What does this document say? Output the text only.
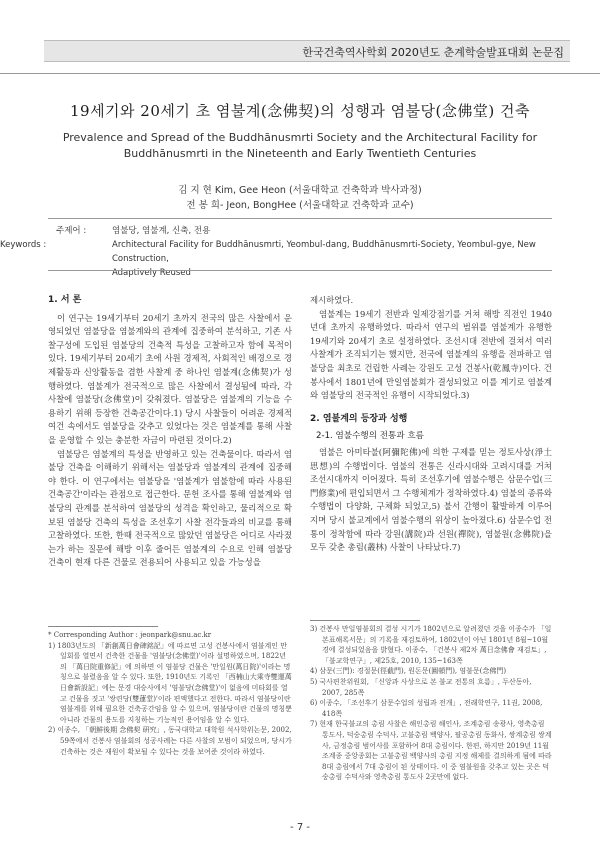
한국건축역사학회 2020년도 춘계학술발표대회 논문집
19세기와 20세기 초 염불계(念佛契)의 성행과 염불당(念佛堂) 건축
Prevalence and Spread of the Buddhānusmrti Society and the Architectural Facility for
Buddhānusmrti in the Nineteenth and Early Twentieth Centuries
김 지 현 Kim, Gee Heon (서울대학교 건축학과 박사과정)
전 봉 희- Jeon, BongHee (서울대학교 건축학과 교수)
주제어 :	염불당, 염불계, 신축, 전용
Keywords :	Architectural Facility for Buddhānusmrti, Yeombul-dang, Buddhānusmrti-Society, Yeombul-gye, New Construction,
Adaptively Reused
1. 서 론

이 연구는 19세기부터 20세기 초까지 전국의 많은 사찰에서 운영되었던 염불당을 염불계와의 관계에 집중하여 분석하고, 기존 사찰구성에 도입된 염불당의 건축적 특성을 고찰하고자 함에 목적이 있다. 19세기부터 20세기 초에 사원 경제적, 사회적인 배경으로 경제활동과 신앙활동을 겸한 사찰계 중 하나인 염불계(念佛契)가 성행하였다. 염불계가 전국적으로 많은 사찰에서 결성됨에 따라, 각 사찰에 염불당(念佛堂)이 갖춰졌다. 염불당은 염불계의 기능을 수용하기 위해 등장한 건축공간이다.1) 당시 사찰들이 어려운 경제적 여건 속에서도 염불당을 갖추고 있었다는 것은 염불계를 통해 사찰을 운영할 수 있는 충분한 자금이 마련된 것이다.2)

염불당은 염불계의 특성을 반영하고 있는 건축물이다. 따라서 염불당 건축을 이해하기 위해서는 염불당과 염불계의 관계에 집중해야 한다. 이 연구에서는 염불당을 '염불계가 염불함에 따라 사용된 건축공간'이라는 관점으로 접근한다. 문헌 조사를 통해 염불계와 염불당의 관계를 분석하여 염불당의 성격을 확인하고, 물리적으로 확보된 염불당 건축의 특성을 조선후기 사찰 전각들과의 비교를 통해 고찰하였다. 또한, 한때 전국적으로 많았던 염불당은 어디로 사라졌는가 하는 질문에 해방 이후 줄어든 염불계의 수요로 인해 염불당 건축이 현재 다른 건물로 전용되어 사용되고 있을 가능성을

* Corresponding Author : jeonpark@snu.ac.kr
1) 1803년도의 「新創萬日會碑銘記」에 따르면 고성 건봉사에서 염불계인 만일회를 열면서 건축한 건물을 '염불당(念佛堂)'이라 설명하였으며, 1822년의 「萬日院重修記」에 의하면 이 염불당 건물은 '만일원(萬日院)'이라는 명칭으로 불렸음을 알 수 있다. 또한, 1910년도 기록인 「西楠山大乘寺雙運萬日會新設記」에는 문경 대승사에서 '염불당(念佛堂)'이 없음에 미타회를 열고 건물을 짓고 '쌍련당(雙蓮堂)'이라 편액했다고 전한다. 따라서 염불당이란 염불계를 위해 필요한 건축공간임을 알 수 있으며, 염불당이란 건물의 명칭뿐 아니라 건물의 용도를 지칭하는 기능적인 용어임을 알 수 있다.
2) 이종수, 「朝鮮後期 念佛契 硏究」, 동국대학교 대학원 석사학위논문, 2002, 59쪽에서 건봉사 염불회의 성공사례는 다른 사찰의 모범이 되었으며, 당시가 건축하는 것은 재원이 확보될 수 있다는 것을 보여준 것이라 하였다.

제시하였다.

염불계는 19세기 전반과 일제강점기를 거쳐 해방 직전인 1940년대 초까지 유행하였다. 따라서 연구의 범위를 염불계가 유행한 19세기와 20세기 초로 설정하였다. 조선시대 전반에 걸쳐서 여러 사찰계가 조직되기는 했지만, 전국에 염불계의 유행을 전파하고 염불당을 최초로 건립한 사례는 강원도 고성 건봉사(乾鳳寺)이다. 건봉사에서 1801년에 만일염불회가 결성되었고 이를 계기로 염불계와 염불당의 전국적인 유행이 시작되었다.3)

2. 염불계의 등장과 성행
2-1. 염불수행의 전통과 흐름

염불은 아미타불(阿彌陀佛)에 의한 구제를 믿는 정토사상(淨土思想)의 수행법이다. 염불의 전통은 신라시대와 고려시대를 거쳐 조선시대까지 이어졌다. 특히 조선후기에 염불수행은 삼문수업(三門修業)에 편입되면서 그 수행체계가 정착하였다.4) 염불의 종류와 수행법이 다양화, 구체화 되었고,5) 불서 간행이 활발하게 이루어지며 당시 불교계에서 염불수행의 위상이 높아졌다.6) 삼문수업 전통이 정착함에 따라 강원(講院)과 선원(禪院), 염불원(念佛院)을 모두 갖춘 총림(叢林) 사찰이 나타났다.7)

3) 건봉사 만일염불회의 결성 시기가 1802년으로 알려졌던 것을 이종수가 「일본표해록서문」의 기록을 재검토하여, 1802년이 아닌 1801년 8월~10월경에 결성되었음을 밝혔다. 이종수, 「건봉사 제2차 萬日念佛會 재검토」, 「불교학연구」, 제25호, 2010, 135~163쪽
4) 삼문(三門): 경절문(徑截門), 원돈문(圓頓門), 염불문(念佛門)
5) 국사편찬위원회, 「신앙과 사상으로 본 불교 전통의 흐름」, 두산동아, 2007, 285쪽
6) 이종수, 「조선후기 삼문수업의 성립과 전개」, 전래학연구, 11권, 2008, 418쪽
7) 현재 한국불교의 총림 사찰은 해인총림 해인사, 조계총림 송광사, 영축총림 통도사, 덕숭총림 수덕사, 고불총림 백양사, 팔공총림 동화사, 쌍계총림 쌍계사, 금정총림 범어사를 포함하여 8대 총림이다. 한편, 하지만 2019년 11월 조계종 중앙종회는 고불총림 백양사의 총림 지정 해제를 결의하게 됨에 따라 8대 총림에서 7대 총림이 된 상태이다. 이 중 염불원을 갖추고 있는 곳은 덕숭총림 수덕사와 영축총림 통도사 2곳만에 없다.
- 7 -
